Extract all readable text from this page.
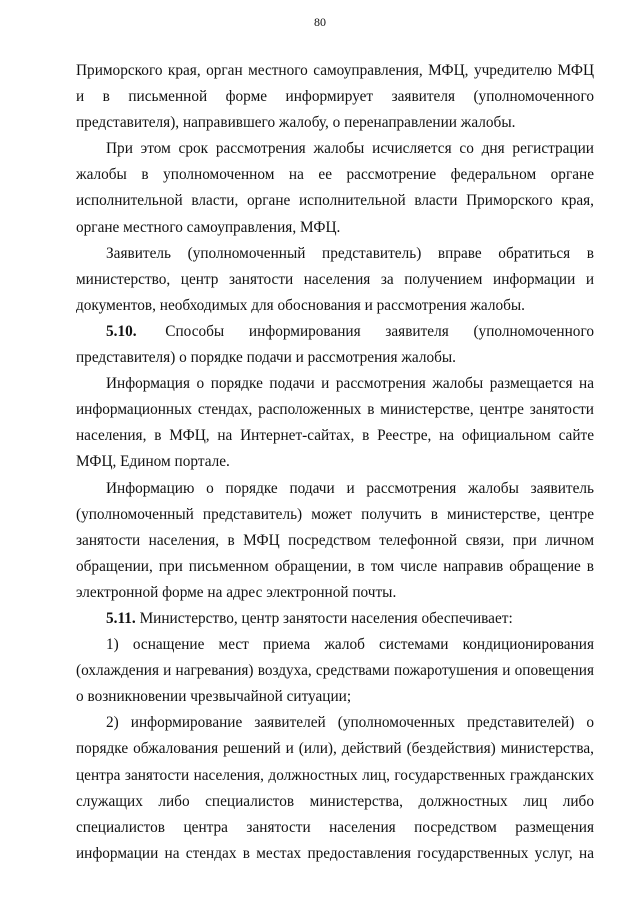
80

Приморского края, орган местного самоуправления, МФЦ, учредителю МФЦ и в письменной форме информирует заявителя (уполномоченного представителя), направившего жалобу, о перенаправлении жалобы.

При этом срок рассмотрения жалобы исчисляется со дня регистрации жалобы в уполномоченном на ее рассмотрение федеральном органе исполнительной власти, органе исполнительной власти Приморского края, органе местного самоуправления, МФЦ.

Заявитель (уполномоченный представитель) вправе обратиться в министерство, центр занятости населения за получением информации и документов, необходимых для обоснования и рассмотрения жалобы.

5.10. Способы информирования заявителя (уполномоченного представителя) о порядке подачи и рассмотрения жалобы.

Информация о порядке подачи и рассмотрения жалобы размещается на информационных стендах, расположенных в министерстве, центре занятости населения, в МФЦ, на Интернет-сайтах, в Реестре, на официальном сайте МФЦ, Едином портале.

Информацию о порядке подачи и рассмотрения жалобы заявитель (уполномоченный представитель) может получить в министерстве, центре занятости населения, в МФЦ посредством телефонной связи, при личном обращении, при письменном обращении, в том числе направив обращение в электронной форме на адрес электронной почты.

5.11. Министерство, центр занятости населения обеспечивает:

1) оснащение мест приема жалоб системами кондиционирования (охлаждения и нагревания) воздуха, средствами пожаротушения и оповещения о возникновении чрезвычайной ситуации;

2) информирование заявителей (уполномоченных представителей) о порядке обжалования решений и (или), действий (бездействия) министерства, центра занятости населения, должностных лиц, государственных гражданских служащих либо специалистов министерства, должностных лиц либо специалистов центра занятости населения посредством размещения информации на стендах в местах предоставления государственных услуг, на
